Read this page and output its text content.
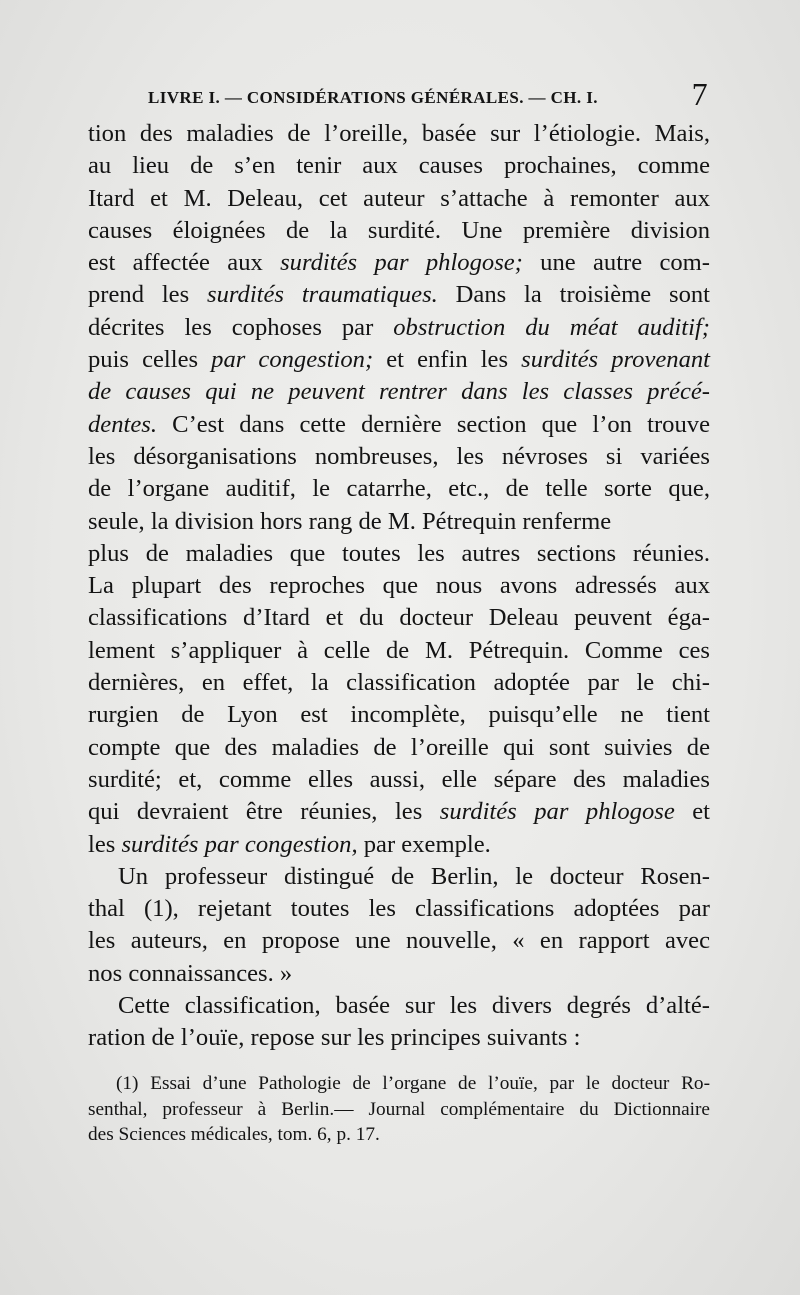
LIVRE I. — CONSIDÉRATIONS GÉNÉRALES. — CH. I.	7
tion des maladies de l’oreille, basée sur l’étiologie. Mais,
au lieu de s’en tenir aux causes prochaines, comme
Itard et M. Deleau, cet auteur s’attache à remonter aux
causes éloignées de la surdité. Une première division
est affectée aux surdités par phlogose; une autre com-
prend les surdités traumatiques. Dans la troisième sont
décrites les cophoses par obstruction du méat auditif;
puis celles par congestion; et enfin les surdités provenant
de causes qui ne peuvent rentrer dans les classes précé-
dentes. C’est dans cette dernière section que l’on trouve
les désorganisations nombreuses, les névroses si variées
de l’organe auditif, le catarrhe, etc., de telle sorte que,
seule, la division hors rang de M. Pétrequin renferme
plus de maladies que toutes les autres sections réunies.
La plupart des reproches que nous avons adressés aux
classifications d’Itard et du docteur Deleau peuvent éga-
lement s’appliquer à celle de M. Pétrequin. Comme ces
dernières, en effet, la classification adoptée par le chi-
rurgien de Lyon est incomplète, puisqu’elle ne tient
compte que des maladies de l’oreille qui sont suivies de
surdité; et, comme elles aussi, elle sépare des maladies
qui devraient être réunies, les surdités par phlogose et
les surdités par congestion, par exemple.
Un professeur distingué de Berlin, le docteur Rosen-
thal (1), rejetant toutes les classifications adoptées par
les auteurs, en propose une nouvelle, « en rapport avec
nos connaissances. »
Cette classification, basée sur les divers degrés d’alté-
ration de l’ouïe, repose sur les principes suivants :
(1) Essai d’une Pathologie de l’organe de l’ouïe, par le docteur Ro-
senthal, professeur à Berlin.— Journal complémentaire du Dictionnaire
des Sciences médicales, tom. 6, p. 17.
